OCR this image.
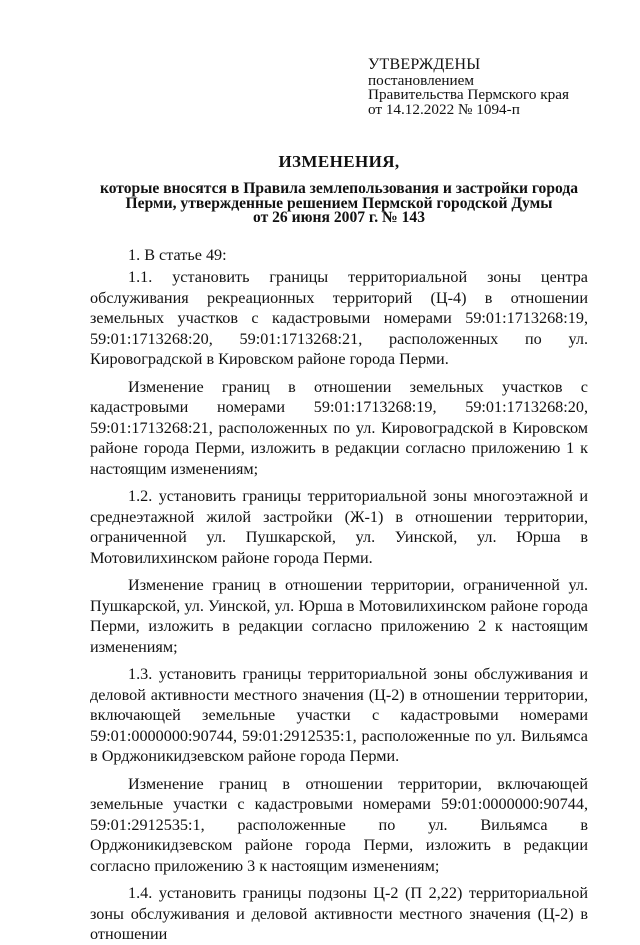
УТВЕРЖДЕНЫ
постановлением
Правительства Пермского края
от 14.12.2022 № 1094-п
ИЗМЕНЕНИЯ,
которые вносятся в Правила землепользования и застройки города
Перми, утвержденные решением Пермской городской Думы
от 26 июня 2007 г. № 143

1. В статье 49:

1.1. установить границы территориальной зоны центра обслуживания рекреационных территорий (Ц-4) в отношении земельных участков с кадастровыми номерами 59:01:1713268:19, 59:01:1713268:20, 59:01:1713268:21, расположенных по ул. Кировоградской в Кировском районе города Перми.

Изменение границ в отношении земельных участков с кадастровыми номерами 59:01:1713268:19, 59:01:1713268:20, 59:01:1713268:21, расположенных по ул. Кировоградской в Кировском районе города Перми, изложить в редакции согласно приложению 1 к настоящим изменениям;

1.2. установить границы территориальной зоны многоэтажной и среднеэтажной жилой застройки (Ж-1) в отношении территории, ограниченной ул. Пушкарской, ул. Уинской, ул. Юрша в Мотовилихинском районе города Перми.

Изменение границ в отношении территории, ограниченной ул. Пушкарской, ул. Уинской, ул. Юрша в Мотовилихинском районе города Перми, изложить в редакции согласно приложению 2 к настоящим изменениям;

1.3. установить границы территориальной зоны обслуживания и деловой активности местного значения (Ц-2) в отношении территории, включающей земельные участки с кадастровыми номерами 59:01:0000000:90744, 59:01:2912535:1, расположенные по ул. Вильямса в Орджоникидзевском районе города Перми.

Изменение границ в отношении территории, включающей земельные участки с кадастровыми номерами 59:01:0000000:90744, 59:01:2912535:1, расположенные по ул. Вильямса в Орджоникидзевском районе города Перми, изложить в редакции согласно приложению 3 к настоящим изменениям;

1.4. установить границы подзоны Ц-2 (П 2,22) территориальной зоны обслуживания и деловой активности местного значения (Ц-2) в отношении
